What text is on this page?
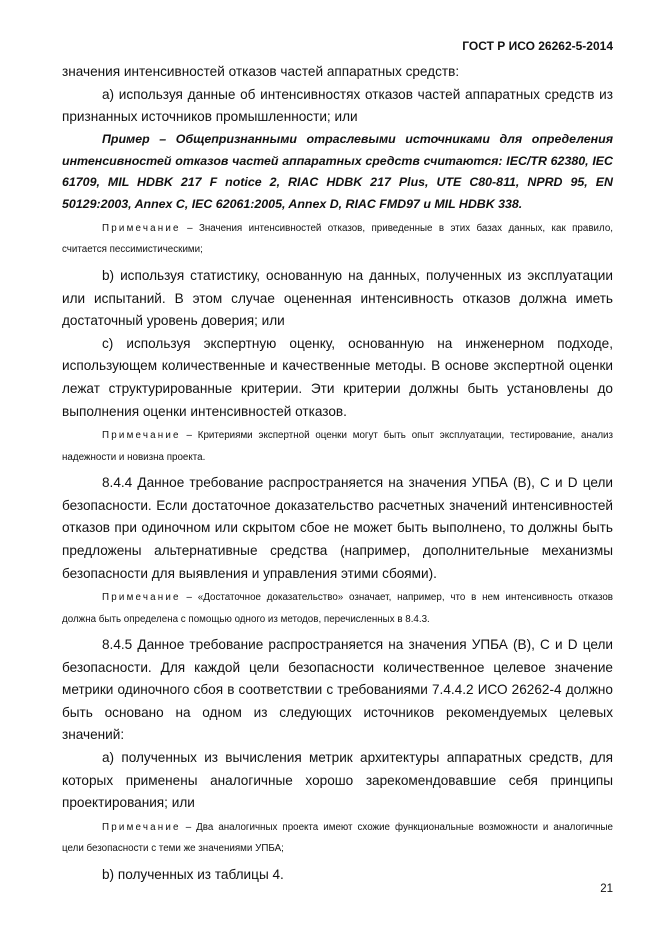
ГОСТ Р ИСО 26262-5-2014

значения интенсивностей отказов частей аппаратных средств:

a) используя данные об интенсивностях отказов частей аппаратных средств из признанных источников промышленности; или

Пример – Общепризнанными отраслевыми источниками для определения интенсивностей отказов частей аппаратных средств считаются: IEC/TR 62380, IEC 61709, MIL HDBK 217 F notice 2, RIAC HDBK 217 Plus, UTE C80-811, NPRD 95, EN 50129:2003, Annex C, IEC 62061:2005, Annex D, RIAC FMD97 и MIL HDBK 338.

Примечание – Значения интенсивностей отказов, приведенные в этих базах данных, как правило, считается пессимистическими;

b) используя статистику, основанную на данных, полученных из эксплуатации или испытаний. В этом случае оцененная интенсивность отказов должна иметь достаточный уровень доверия; или

c) используя экспертную оценку, основанную на инженерном подходе, использующем количественные и качественные методы. В основе экспертной оценки лежат структурированные критерии. Эти критерии должны быть установлены до выполнения оценки интенсивностей отказов.

Примечание – Критериями экспертной оценки могут быть опыт эксплуатации, тестирование, анализ надежности и новизна проекта.

8.4.4 Данное требование распространяется на значения УПБА (B), C и D цели безопасности. Если достаточное доказательство расчетных значений интенсивностей отказов при одиночном или скрытом сбое не может быть выполнено, то должны быть предложены альтернативные средства (например, дополнительные механизмы безопасности для выявления и управления этими сбоями).

Примечание – «Достаточное доказательство» означает, например, что в нем интенсивность отказов должна быть определена с помощью одного из методов, перечисленных в 8.4.3.

8.4.5 Данное требование распространяется на значения УПБА (B), C и D цели безопасности. Для каждой цели безопасности количественное целевое значение метрики одиночного сбоя в соответствии с требованиями 7.4.4.2 ИСО 26262-4 должно быть основано на одном из следующих источников рекомендуемых целевых значений:

a) полученных из вычисления метрик архитектуры аппаратных средств, для которых применены аналогичные хорошо зарекомендовавшие себя принципы проектирования; или

Примечание – Два аналогичных проекта имеют схожие функциональные возможности и аналогичные цели безопасности с теми же значениями УПБА;

b) полученных из таблицы 4.

21
